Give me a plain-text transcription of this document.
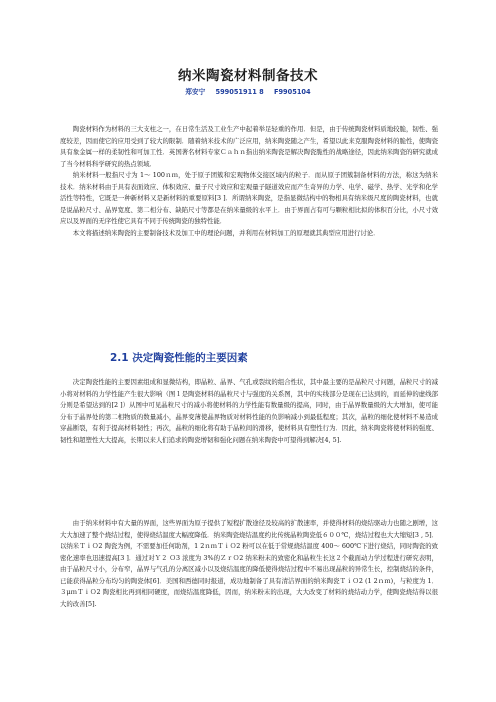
纳米陶瓷材料制备技术
郑安宁 599051911 8 F9905104

陶瓷材料作为材料的三大支柱之一，在日常生活及工业生产中起着举足轻重的作用．但是，由于传统陶瓷材料质地较脆，韧性、强度较差，因而使它的应用受到了较大的限制．随着纳米技术的广泛应用，纳米陶瓷随之产生，希望以此来克服陶瓷材料的脆性，使陶瓷具有象金属一样的柔韧性和可加工性．英国著名材料专家Ｃａｈｎ指出纳米陶瓷是解决陶瓷脆性的战略途径，因此纳米陶瓷的研究就成了当今材料科学研究的热点领域．

纳米材料一般指尺寸为 1～ 100ｎｍ，处于原子团簇和宏观物体交接区域内的粒子．而从原子团簇制备材料的方法，称这为纳米技术．纳米材料由于具有表面效应、体积效应、量子尺寸效应和宏观量子隧道效应而产生奇异的力学、电学、磁学、热学、光学和化学活性等特性，它既是一种新材料又是新材料的重要原料[3 ]．所谓纳米陶瓷，是指显微结构中的物相具有纳米级尺度的陶瓷材料，也就是说晶粒尺寸、晶界宽度、第二相分布、缺陷尺寸等都是在纳米量级的水平上．由于界面占有可与颗粒相比拟的体积百分比，小尺寸效应以及界面的无序性使它具有不同于传统陶瓷的独特性能．

本文将描述纳米陶瓷的主要制备技术及加工中的理论问题，并利用在材料加工的原理就其典型应用进行讨论．

2.1 决定陶瓷性能的主要因素

决定陶瓷性能的主要因素组成和显微结构，即晶粒、晶界、气孔或裂纹的组合性状，其中最主要的是晶粒尺寸问题，晶粒尺寸的减小将对材料的力学性能产生很大影响（图１是陶瓷材料的晶粒尺寸与强度的关系图，其中的实线部分是现在已达到的，而延伸的虚线部分则是希望达到的[2 ]）从图中可见晶粒尺寸的减小将使材料的力学性能有数量级的提高，同时，由于晶界数量级的大大增加，使可能分布于晶界处的第二相物质的数量减小，晶界变薄使晶界物质对材料性能的负影响减小到最低程度；其次，晶粒的细化使材料不易造成穿晶断裂，有利于提高材料韧性；再次，晶粒的细化将有助于晶粒间的滑移，使材料具有塑性行为．因此，纳米陶瓷将使材料的强度、韧性和超塑性大大提高，长期以来人们追求的陶瓷增韧和强化问题在纳米陶瓷中可望得到解决[4, 5].

由于纳米材料中有大量的界面，这些界面为原子提供了短程扩散途径及较高的扩散速率，并使得材料的烧结驱动力也随之剧增，这大大加速了整个烧结过程，使得烧结温度大幅度降低．纳米陶瓷烧结温度约比传统晶粒陶瓷低６００℃，烧结过程也大大缩短[3 , 5]．以纳米ＴｉＯ2 陶瓷为例，不需要加任何助剂，1 2ｎｍＴｉＯ2 粉可以在低于常规烧结温度 400～ 600℃下进行烧结，同时陶瓷的致密化速率也迅速提高[3 ]．通过对Ｙ２ Ｏ3 浓度为 3%的ＺｒＯ2 纳米粉末的致密化和晶粒生长这２个截面动力学过程进行研究表明，由于晶粒尺寸小，分布窄，晶界与气孔的分离区减小以及烧结温度的降低使得烧结过程中不易出现晶粒的异常生长，控制烧结的条件，已能获得晶粒分布均匀的陶瓷体[6]．美国和西德同时报道，成功地制备了具有清洁界面的纳米陶瓷ＴｉＯ2 (1 2ｎｍ)，与粒度为 1．３μｍＴｉＯ2 陶瓷相比再到相同硬度，而烧结温度降低，因而，纳米粉末的出现，大大改变了材料的烧结动力学，使陶瓷烧结得以很大的改善[5].
